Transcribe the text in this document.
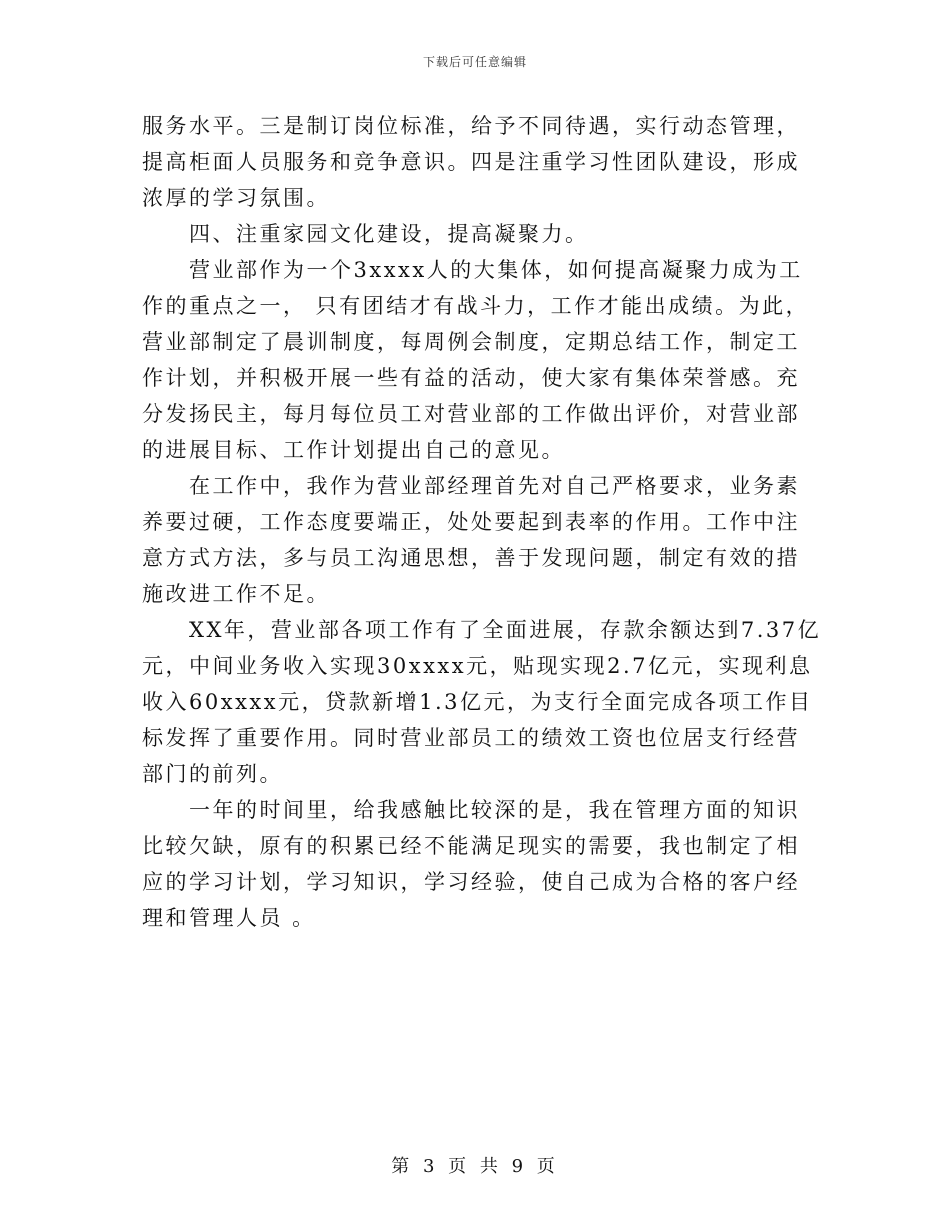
下载后可任意编辑

服务水平。三是制订岗位标准，给予不同待遇，实行动态管理，提高柜面人员服务和竞争意识。四是注重学习性团队建设，形成浓厚的学习氛围。

四、注重家园文化建设，提高凝聚力。

营业部作为一个3xxxx人的大集体，如何提高凝聚力成为工作的重点之一， 只有团结才有战斗力，工作才能出成绩。为此，营业部制定了晨训制度，每周例会制度，定期总结工作，制定工作计划，并积极开展一些有益的活动，使大家有集体荣誉感。充分发扬民主，每月每位员工对营业部的工作做出评价，对营业部的进展目标、工作计划提出自己的意见。

在工作中，我作为营业部经理首先对自己严格要求，业务素养要过硬，工作态度要端正，处处要起到表率的作用。工作中注意方式方法，多与员工沟通思想，善于发现问题，制定有效的措施改进工作不足。

XX年，营业部各项工作有了全面进展，存款余额达到7.37亿元，中间业务收入实现30xxxx元，贴现实现2.7亿元，实现利息收入60xxxx元，贷款新增1.3亿元，为支行全面完成各项工作目标发挥了重要作用。同时营业部员工的绩效工资也位居支行经营部门的前列。

一年的时间里，给我感触比较深的是，我在管理方面的知识比较欠缺，原有的积累已经不能满足现实的需要，我也制定了相应的学习计划，学习知识，学习经验，使自己成为合格的客户经理和管理人员 。

第 3 页 共 9 页
